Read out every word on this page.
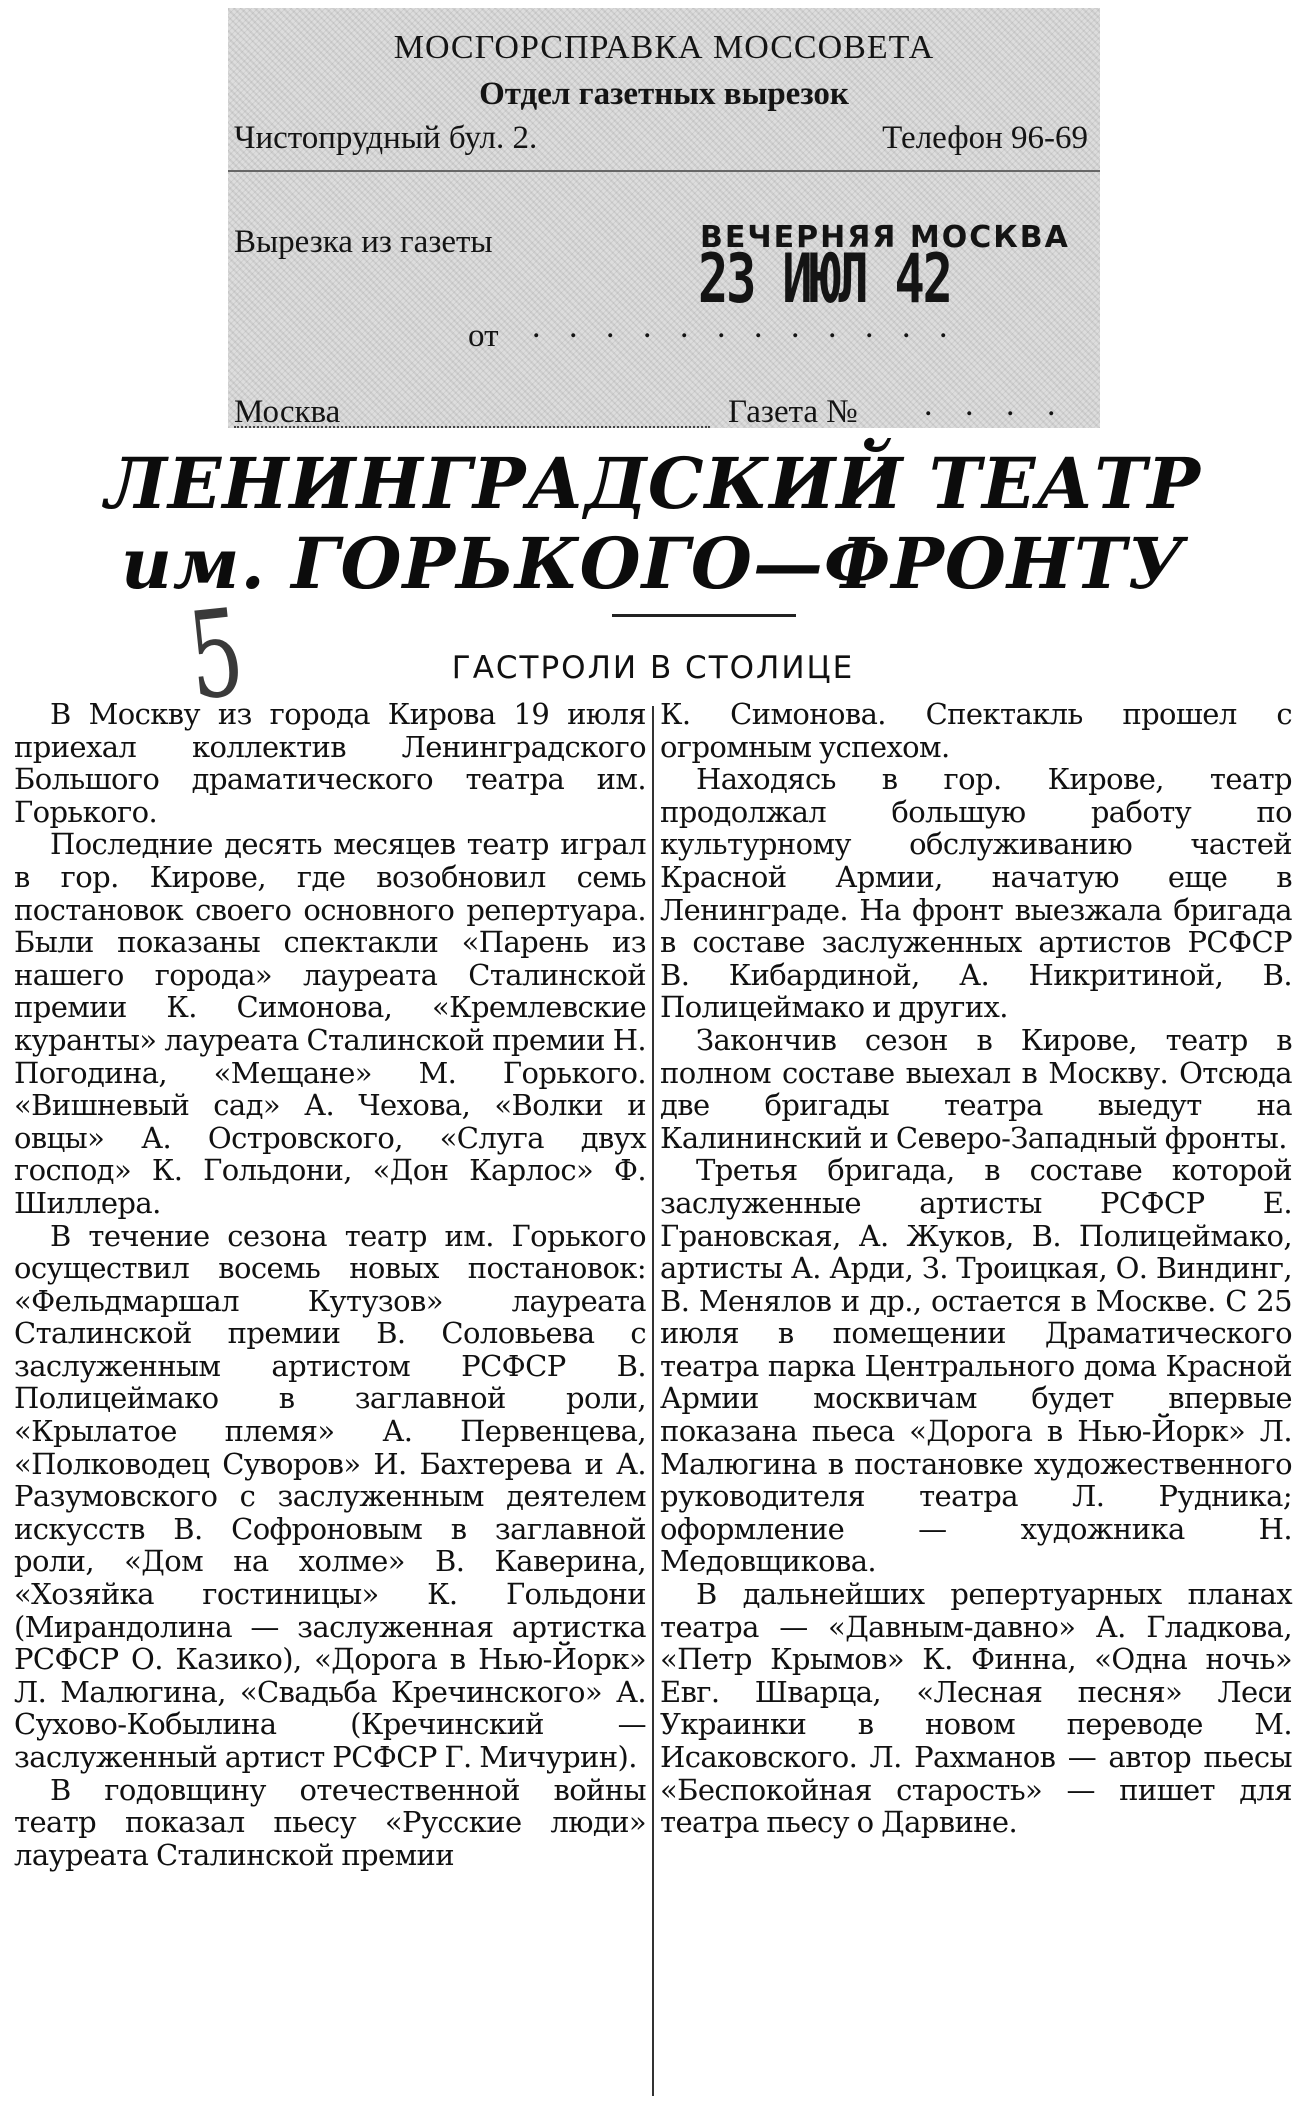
МОСГОРСПРАВКА МОССОВЕТА
Отдел газетных вырезок
Чистопрудный бул. 2.	Телефон 96-69
Вырезка из газеты	ВЕЧЕРНЯЯ МОСКВА
23 ИЮЛ 42
от . . . . . . . . . . . .
Москва	Газета № . . . .
ЛЕНИНГРАДСКИЙ ТЕАТР
им. ГОРЬКОГО—ФРОНТУ
5	ГАСТРОЛИ В СТОЛИЦЕ

В Москву из города Кирова 19 июля приехал коллектив Ленинградского Большого драматического театра им. Горького.

Последние десять месяцев театр играл в гор. Кирове, где возобновил семь постановок своего основного репертуара. Были показаны спектакли «Парень из нашего города» лауреата Сталинской премии К. Симонова, «Кремлевские куранты» лауреата Сталинской премии Н. Погодина, «Мещане» М. Горького. «Вишневый сад» А. Чехова, «Волки и овцы» А. Островского, «Слуга двух господ» К. Гольдони, «Дон Карлос» Ф. Шиллера.

В течение сезона театр им. Горького осуществил восемь новых постановок: «Фельдмаршал Кутузов» лауреата Сталинской премии В. Соловьева с заслуженным артистом РСФСР В. Полицеймако в заглавной роли, «Крылатое племя» А. Первенцева, «Полководец Суворов» И. Бахтерева и А. Разумовского с заслуженным деятелем искусств В. Софроновым в заглавной роли, «Дом на холме» В. Каверина, «Хозяйка гостиницы» К. Гольдони (Мирандолина — заслуженная артистка РСФСР О. Казико), «Дорога в Нью-Йорк» Л. Малюгина, «Свадьба Кречинского» А. Сухово-Кобылина (Кречинский — заслуженный артист РСФСР Г. Мичурин).

В годовщину отечественной войны театр показал пьесу «Русские люди» лауреата Сталинской премии

К. Симонова. Спектакль прошел с огромным успехом.

Находясь в гор. Кирове, театр продолжал большую работу по культурному обслуживанию частей Красной Армии, начатую еще в Ленинграде. На фронт выезжала бригада в составе заслуженных артистов РСФСР В. Кибардиной, А. Никритиной, В. Полицеймако и других.

Закончив сезон в Кирове, театр в полном составе выехал в Москву. Отсюда две бригады театра выедут на Калининский и Северо-Западный фронты.

Третья бригада, в составе которой заслуженные артисты РСФСР Е. Грановская, А. Жуков, В. Полицеймако, артисты А. Арди, З. Троицкая, О. Виндинг, В. Менялов и др., остается в Москве. С 25 июля в помещении Драматического театра парка Центрального дома Красной Армии москвичам будет впервые показана пьеса «Дорога в Нью-Йорк» Л. Малюгина в постановке художественного руководителя театра Л. Рудника; оформление — художника Н. Медовщикова.

В дальнейших репертуарных планах театра — «Давным-давно» А. Гладкова, «Петр Крымов» К. Финна, «Одна ночь» Евг. Шварца, «Лесная песня» Леси Украинки в новом переводе М. Исаковского. Л. Рахманов — автор пьесы «Беспокойная старость» — пишет для театра пьесу о Дарвине.
